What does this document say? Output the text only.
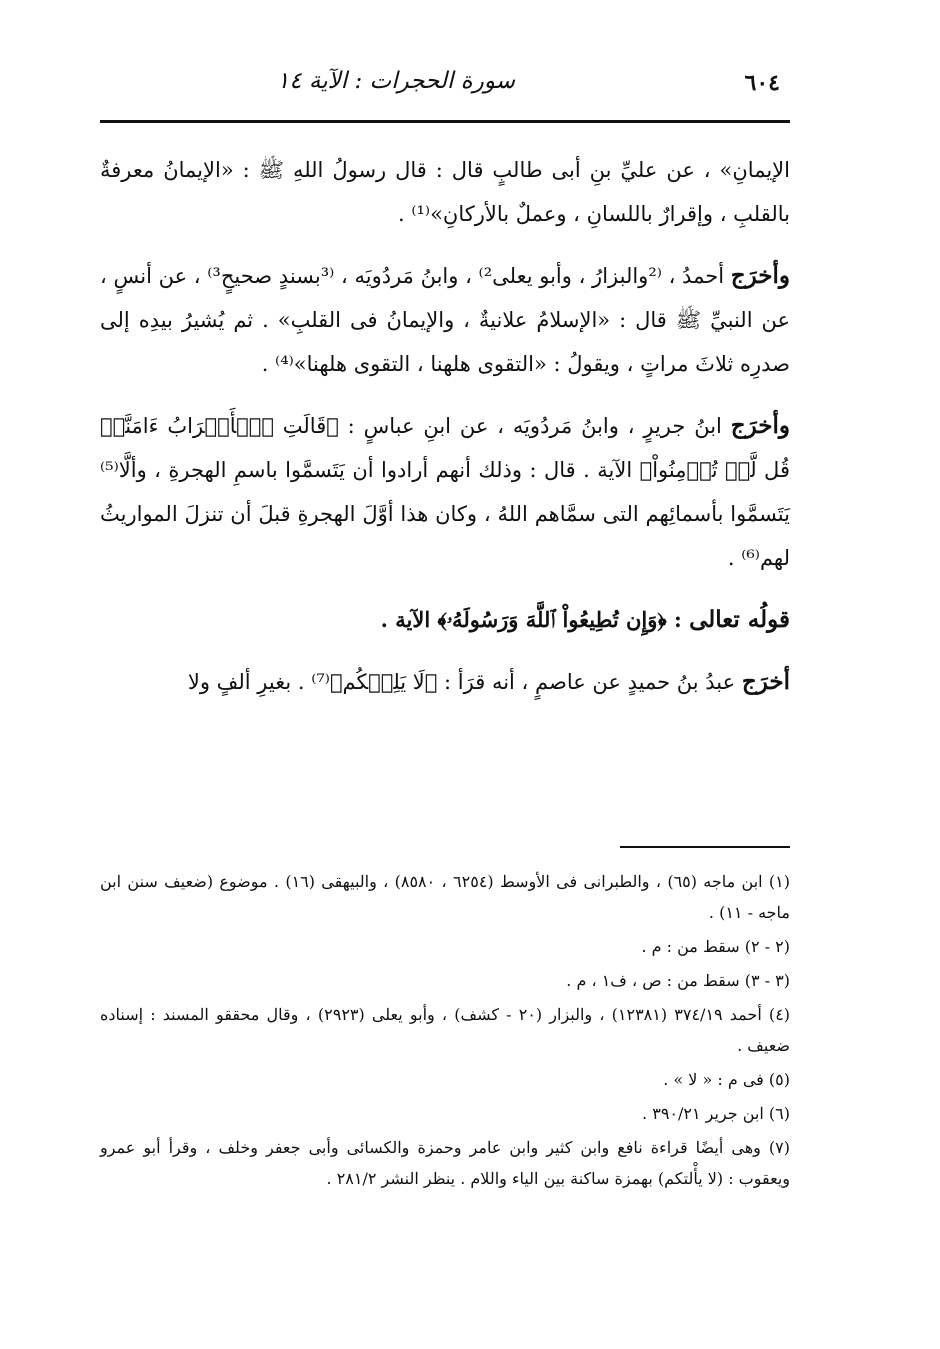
٦٠٤
سورة الحجرات : الآية ١٤

الإيمانِ» ، عن عليِّ بنِ أبى طالبٍ قال : قال رسولُ اللهِ ﷺ : «الإيمانُ معرفةٌ بالقلبِ ، وإقرارٌ باللسانِ ، وعملٌ بالأركانِ»⁽¹⁾ .

وأخرَج أحمدُ ، ⁽²والبزارُ ، وأبو يعلى²⁾ ، وابنُ مَردُويَه ، ⁽³بسندٍ صحيحٍ³⁾ ، عن أنسٍ ، عن النبيِّ ﷺ قال : «الإسلامُ علانيةٌ ، والإيمانُ فى القلبِ» . ثم يُشيرُ بيدِه إلى صدرِه ثلاثَ مراتٍ ، ويقولُ : «التقوى هلهنا ، التقوى هلهنا»⁽⁴⁾ .

وأخرَج ابنُ جريرٍ ، وابنُ مَردُويَه ، عن ابنِ عباسٍ : ﴿قَالَتِ ٱلۡأَعۡرَابُ ءَامَنَّاۖ قُل لَّمۡ تُؤۡمِنُواْ﴾ الآية . قال : وذلك أنهم أرادوا أن يَتَسمَّوا باسمِ الهجرةِ ، وألَّا⁽⁵⁾ يَتَسمَّوا بأسمائِهم التى سمَّاهم اللهُ ، وكان هذا أوَّلَ الهجرةِ قبلَ أن تنزلَ المواريثُ لهم⁽⁶⁾ .

قولُه تعالى : ﴿وَإِن تُطِيعُواْ ٱللَّهَ وَرَسُولَهُۥ﴾ الآية .

أخرَج عبدُ بنُ حميدٍ عن عاصمٍ ، أنه قرَأ : ﴿لَا يَلِتۡكُم﴾⁽⁷⁾ . بغيرِ ألفٍ ولا

(١) ابن ماجه (٦٥) ، والطبرانى فى الأوسط (٦٢٥٤ ، ٨٥٨٠) ، والبيهقى (١٦) . موضوع (ضعيف سنن ابن ماجه - ١١) .

(٢ - ٢) سقط من : م .

(٣ - ٣) سقط من : ص ، ف١ ، م .

(٤) أحمد ٣٧٤/١٩ (١٢٣٨١) ، والبزار (٢٠ - كشف) ، وأبو يعلى (٢٩٢٣) ، وقال محققو المسند : إسناده ضعيف .

(٥) فى م : « لا » .

(٦) ابن جرير ٣٩٠/٢١ .

(٧) وهى أيضًا قراءة نافع وابن كثير وابن عامر وحمزة والكسائى وأبى جعفر وخلف ، وقرأ أبو عمرو ويعقوب : (لا يأْلتكم) بهمزة ساكنة بين الياء واللام . ينظر النشر ٢٨١/٢ .
